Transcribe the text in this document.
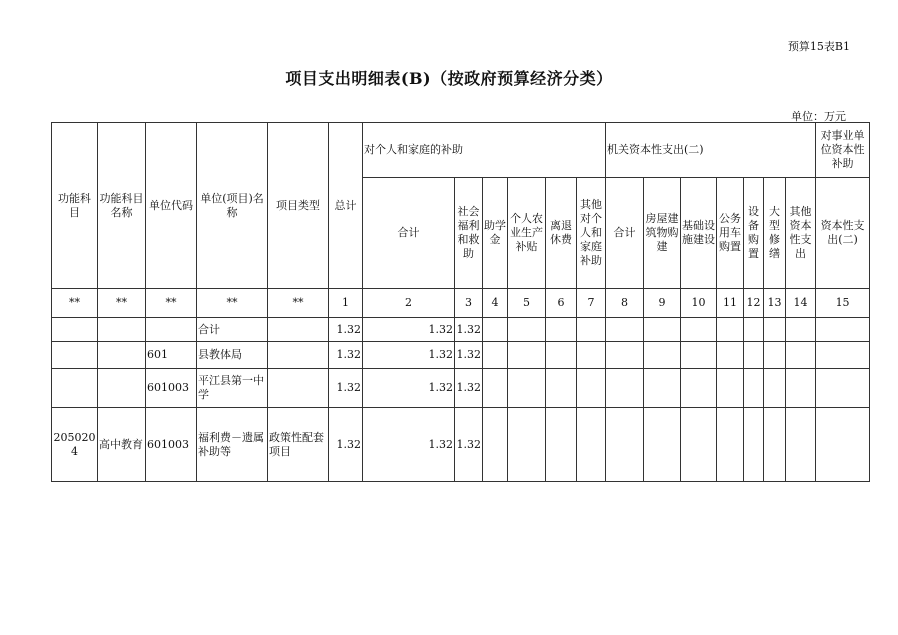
预算15表B1
项目支出明细表(B)（按政府预算经济分类）
单位：万元
功能科目	功能科目名称	单位代码	单位(项目)名称	项目类型	总计	对个人和家庭的补助						机关资本性支出(二)							对事业单位资本性补助
						合计	社会福利和救助	助学金	个人农业生产补贴	离退休费	其他对个人和家庭补助	合计	房屋建筑物购建	基础设施建设	公务用车购置	设备购置	大型修缮	其他资本性支出	资本性支出(二)
**	**	**	**	**	1	2	3	4	5	6	7	8	9	10	11	12	13	14	15
			合计		1.32	1.32	1.32												
		601	县教体局		1.32	1.32	1.32												
		601003	平江县第一中学		1.32	1.32	1.32												
2050204	高中教育	601003	福利费－遗属补助等	政策性配套项目	1.32	1.32	1.32												
